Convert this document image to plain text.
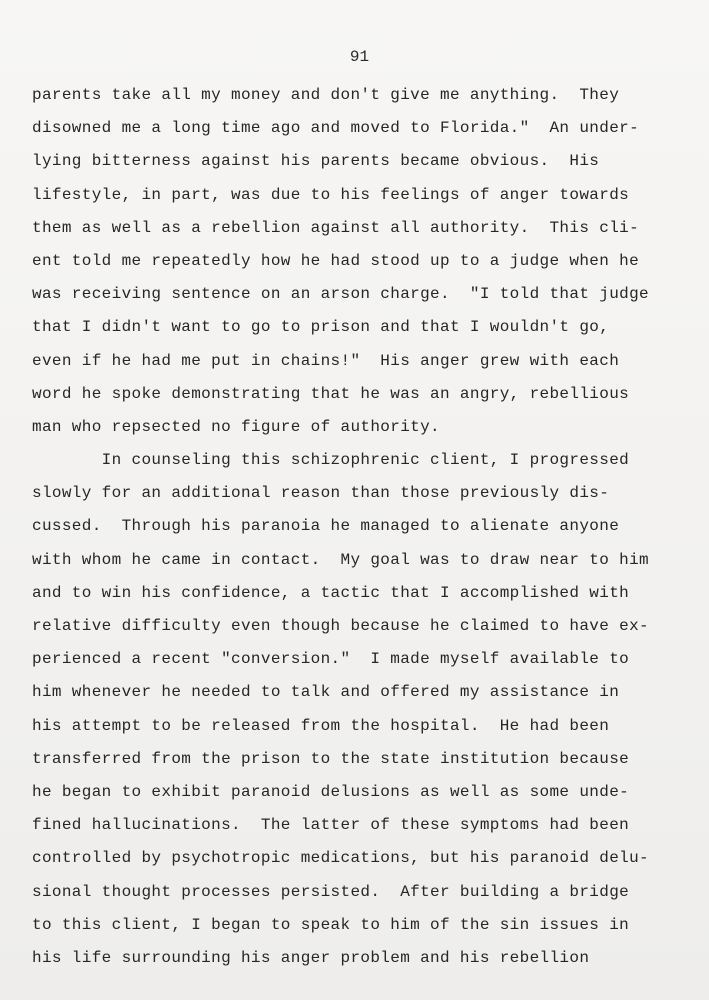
91
parents take all my money and don't give me anything.  They
disowned me a long time ago and moved to Florida."  An under-
lying bitterness against his parents became obvious.  His
lifestyle, in part, was due to his feelings of anger towards
them as well as a rebellion against all authority.  This cli-
ent told me repeatedly how he had stood up to a judge when he
was receiving sentence on an arson charge.  "I told that judge
that I didn't want to go to prison and that I wouldn't go,
even if he had me put in chains!"  His anger grew with each
word he spoke demonstrating that he was an angry, rebellious
man who repsected no figure of authority.
In counseling this schizophrenic client, I progressed
slowly for an additional reason than those previously dis-
cussed.  Through his paranoia he managed to alienate anyone
with whom he came in contact.  My goal was to draw near to him
and to win his confidence, a tactic that I accomplished with
relative difficulty even though because he claimed to have ex-
perienced a recent "conversion."  I made myself available to
him whenever he needed to talk and offered my assistance in
his attempt to be released from the hospital.  He had been
transferred from the prison to the state institution because
he began to exhibit paranoid delusions as well as some unde-
fined hallucinations.  The latter of these symptoms had been
controlled by psychotropic medications, but his paranoid delu-
sional thought processes persisted.  After building a bridge
to this client, I began to speak to him of the sin issues in
his life surrounding his anger problem and his rebellion
